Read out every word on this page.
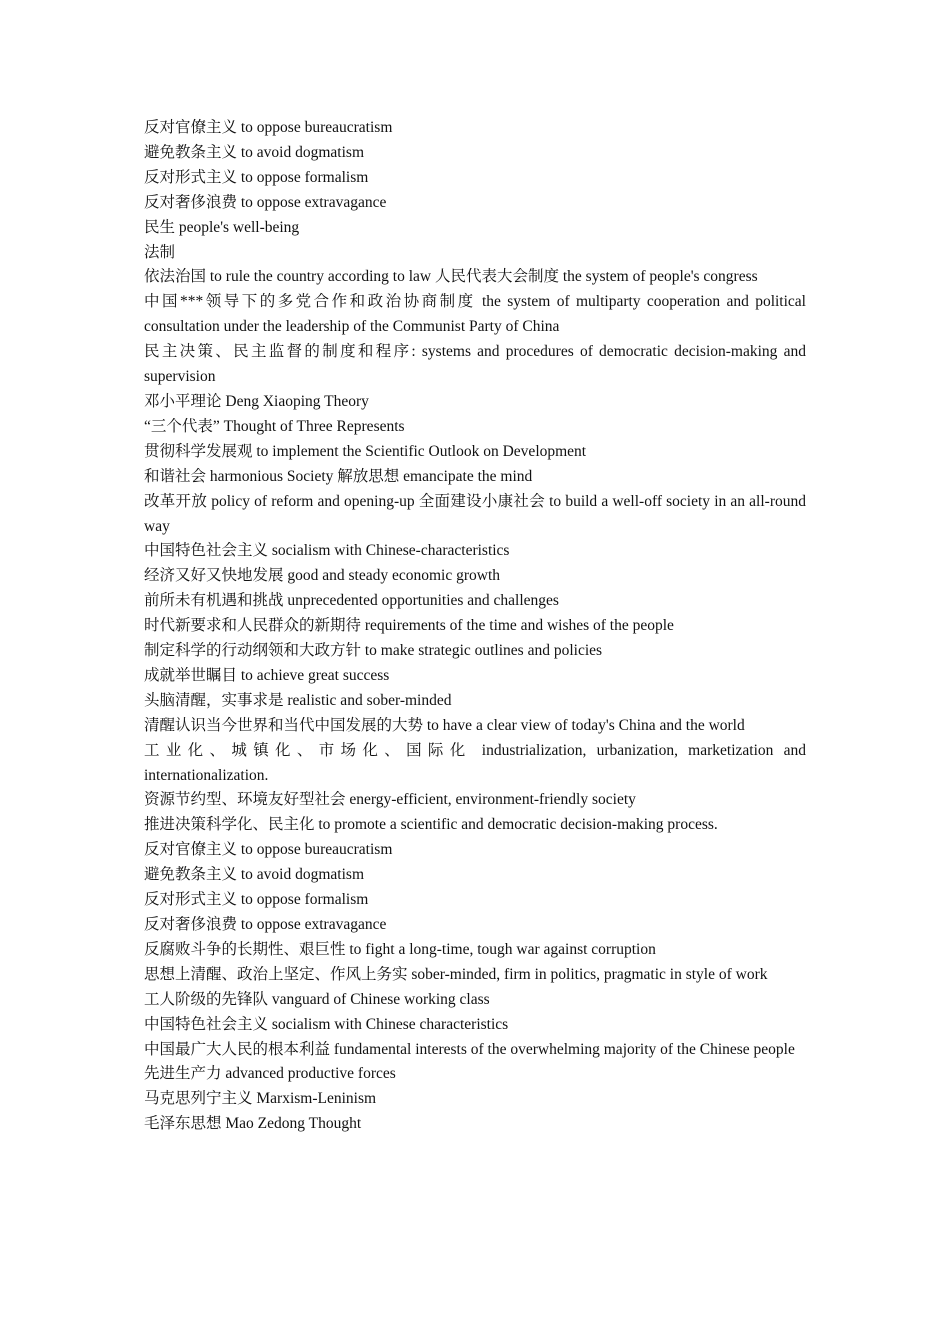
反对官僚主义 to oppose bureaucratism

避免教条主义 to avoid dogmatism

反对形式主义 to oppose formalism

反对奢侈浪费 to oppose extravagance

民生 people's well-being

法制

依法治国 to rule the country according to law 人民代表大会制度 the system of people's congress

中国***领导下的多党合作和政治协商制度 the system of multiparty cooperation and political consultation under the leadership of the Communist Party of China

民主决策、民主监督的制度和程序: systems and procedures of democratic decision-making and supervision

邓小平理论 Deng Xiaoping Theory

“三个代表” Thought of Three Represents

贯彻科学发展观 to implement the Scientific Outlook on Development

和谐社会 harmonious Society 解放思想 emancipate the mind

改革开放 policy of reform and opening-up 全面建设小康社会 to build a well-off society in an all-round way

中国特色社会主义 socialism with Chinese-characteristics

经济又好又快地发展 good and steady economic growth

前所未有机遇和挑战 unprecedented opportunities and challenges

时代新要求和人民群众的新期待 requirements of the time and wishes of the people

制定科学的行动纲领和大政方针 to make strategic outlines and policies

成就举世瞩目 to achieve great success

头脑清醒，实事求是 realistic and sober-minded

清醒认识当今世界和当代中国发展的大势 to have a clear view of today's China and the world

工业化、城镇化、市场化、国际化 industrialization, urbanization, marketization and internationalization.

资源节约型、环境友好型社会 energy-efficient, environment-friendly society

推进决策科学化、民主化 to promote a scientific and democratic decision-making process.

反对官僚主义 to oppose bureaucratism

避免教条主义 to avoid dogmatism

反对形式主义 to oppose formalism

反对奢侈浪费 to oppose extravagance

反腐败斗争的长期性、艰巨性 to fight a long-time, tough war against corruption

思想上清醒、政治上坚定、作风上务实 sober-minded, firm in politics, pragmatic in style of work

工人阶级的先锋队 vanguard of Chinese working class

中国特色社会主义 socialism with Chinese characteristics

中国最广大人民的根本利益 fundamental interests of the overwhelming majority of the Chinese people

先进生产力 advanced productive forces

马克思列宁主义 Marxism-Leninism

毛泽东思想 Mao Zedong Thought
